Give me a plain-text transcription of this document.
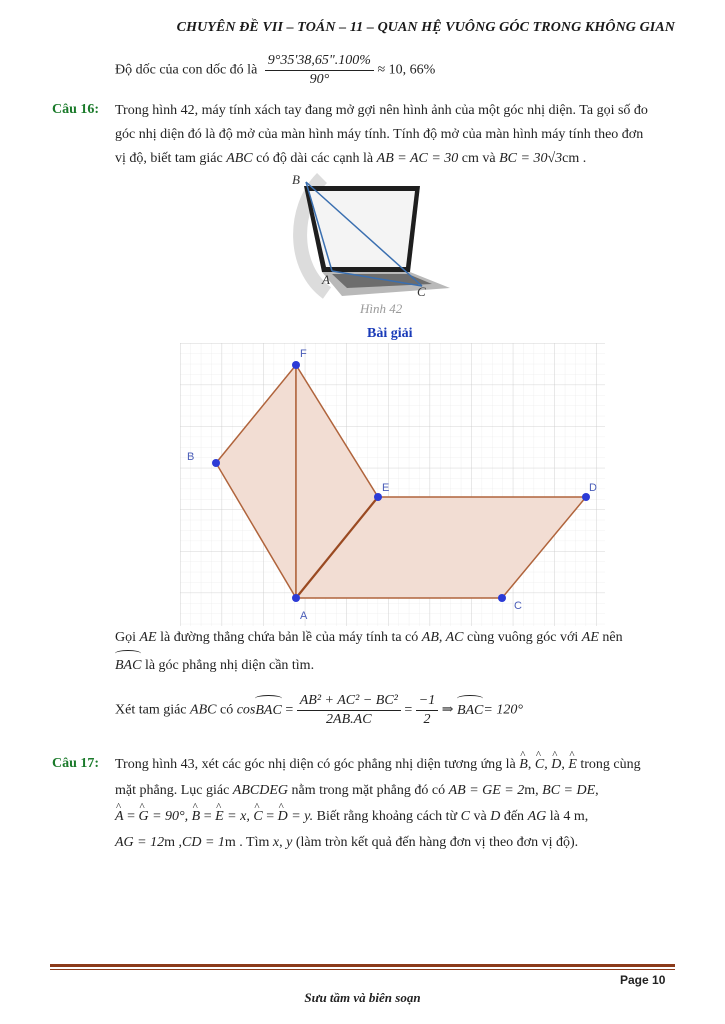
CHUYÊN ĐỀ VII – TOÁN – 11 – QUAN HỆ VUÔNG GÓC TRONG KHÔNG GIAN
Độ dốc của con dốc đó là $\frac{9^\circ 35'38,65".100\%}{90^\circ} \approx 10$, 66%
Câu 16: Trong hình 42, máy tính xách tay đang mở gợi nên hình ảnh của một góc nhị diện. Ta gọi số đo
góc nhị diện đó là độ mở của màn hình máy tính. Tính độ mở của màn hình máy tính theo đơn
vị độ, biết tam giác ABC có độ dài các cạnh là AB = AC = 30 cm và BC = 30√3cm .
B
A
C
Hình 42
Bài giải
F
B
E	D
A
C
Gọi AE là đường thẳng chứa bản lề của máy tính ta có AB, AC cùng vuông góc với AE nên
BAC là góc phẳng nhị diện cần tìm.
Xét tam giác ABC có cosBAC = $\frac{\text{AB² + AC² − BC²}}{2AB.AC} = \frac{-1}{2}$ ⇒ BAC= 120°
Câu 17: Trong hình 43, xét các góc nhị diện có góc phẳng nhị diện tương ứng là ^ B, ^ C, ^ D, ^ E trong cùng
mặt phẳng. Lục giác ABCDEG nằm trong mặt phẳng đó có AB = GE = 2m, BC = DE,
^ A = ^ G = 90°, ^ B = ^ E = x, ^ C = ^ D = y. Biết rằng khoảng cách từ C và D đến AG là 4 m,
AG = 12m ,CD = 1m . Tìm x, y (làm tròn kết quả đến hàng đơn vị theo đơn vị độ).
Page 10
Sưu tầm và biên soạn
